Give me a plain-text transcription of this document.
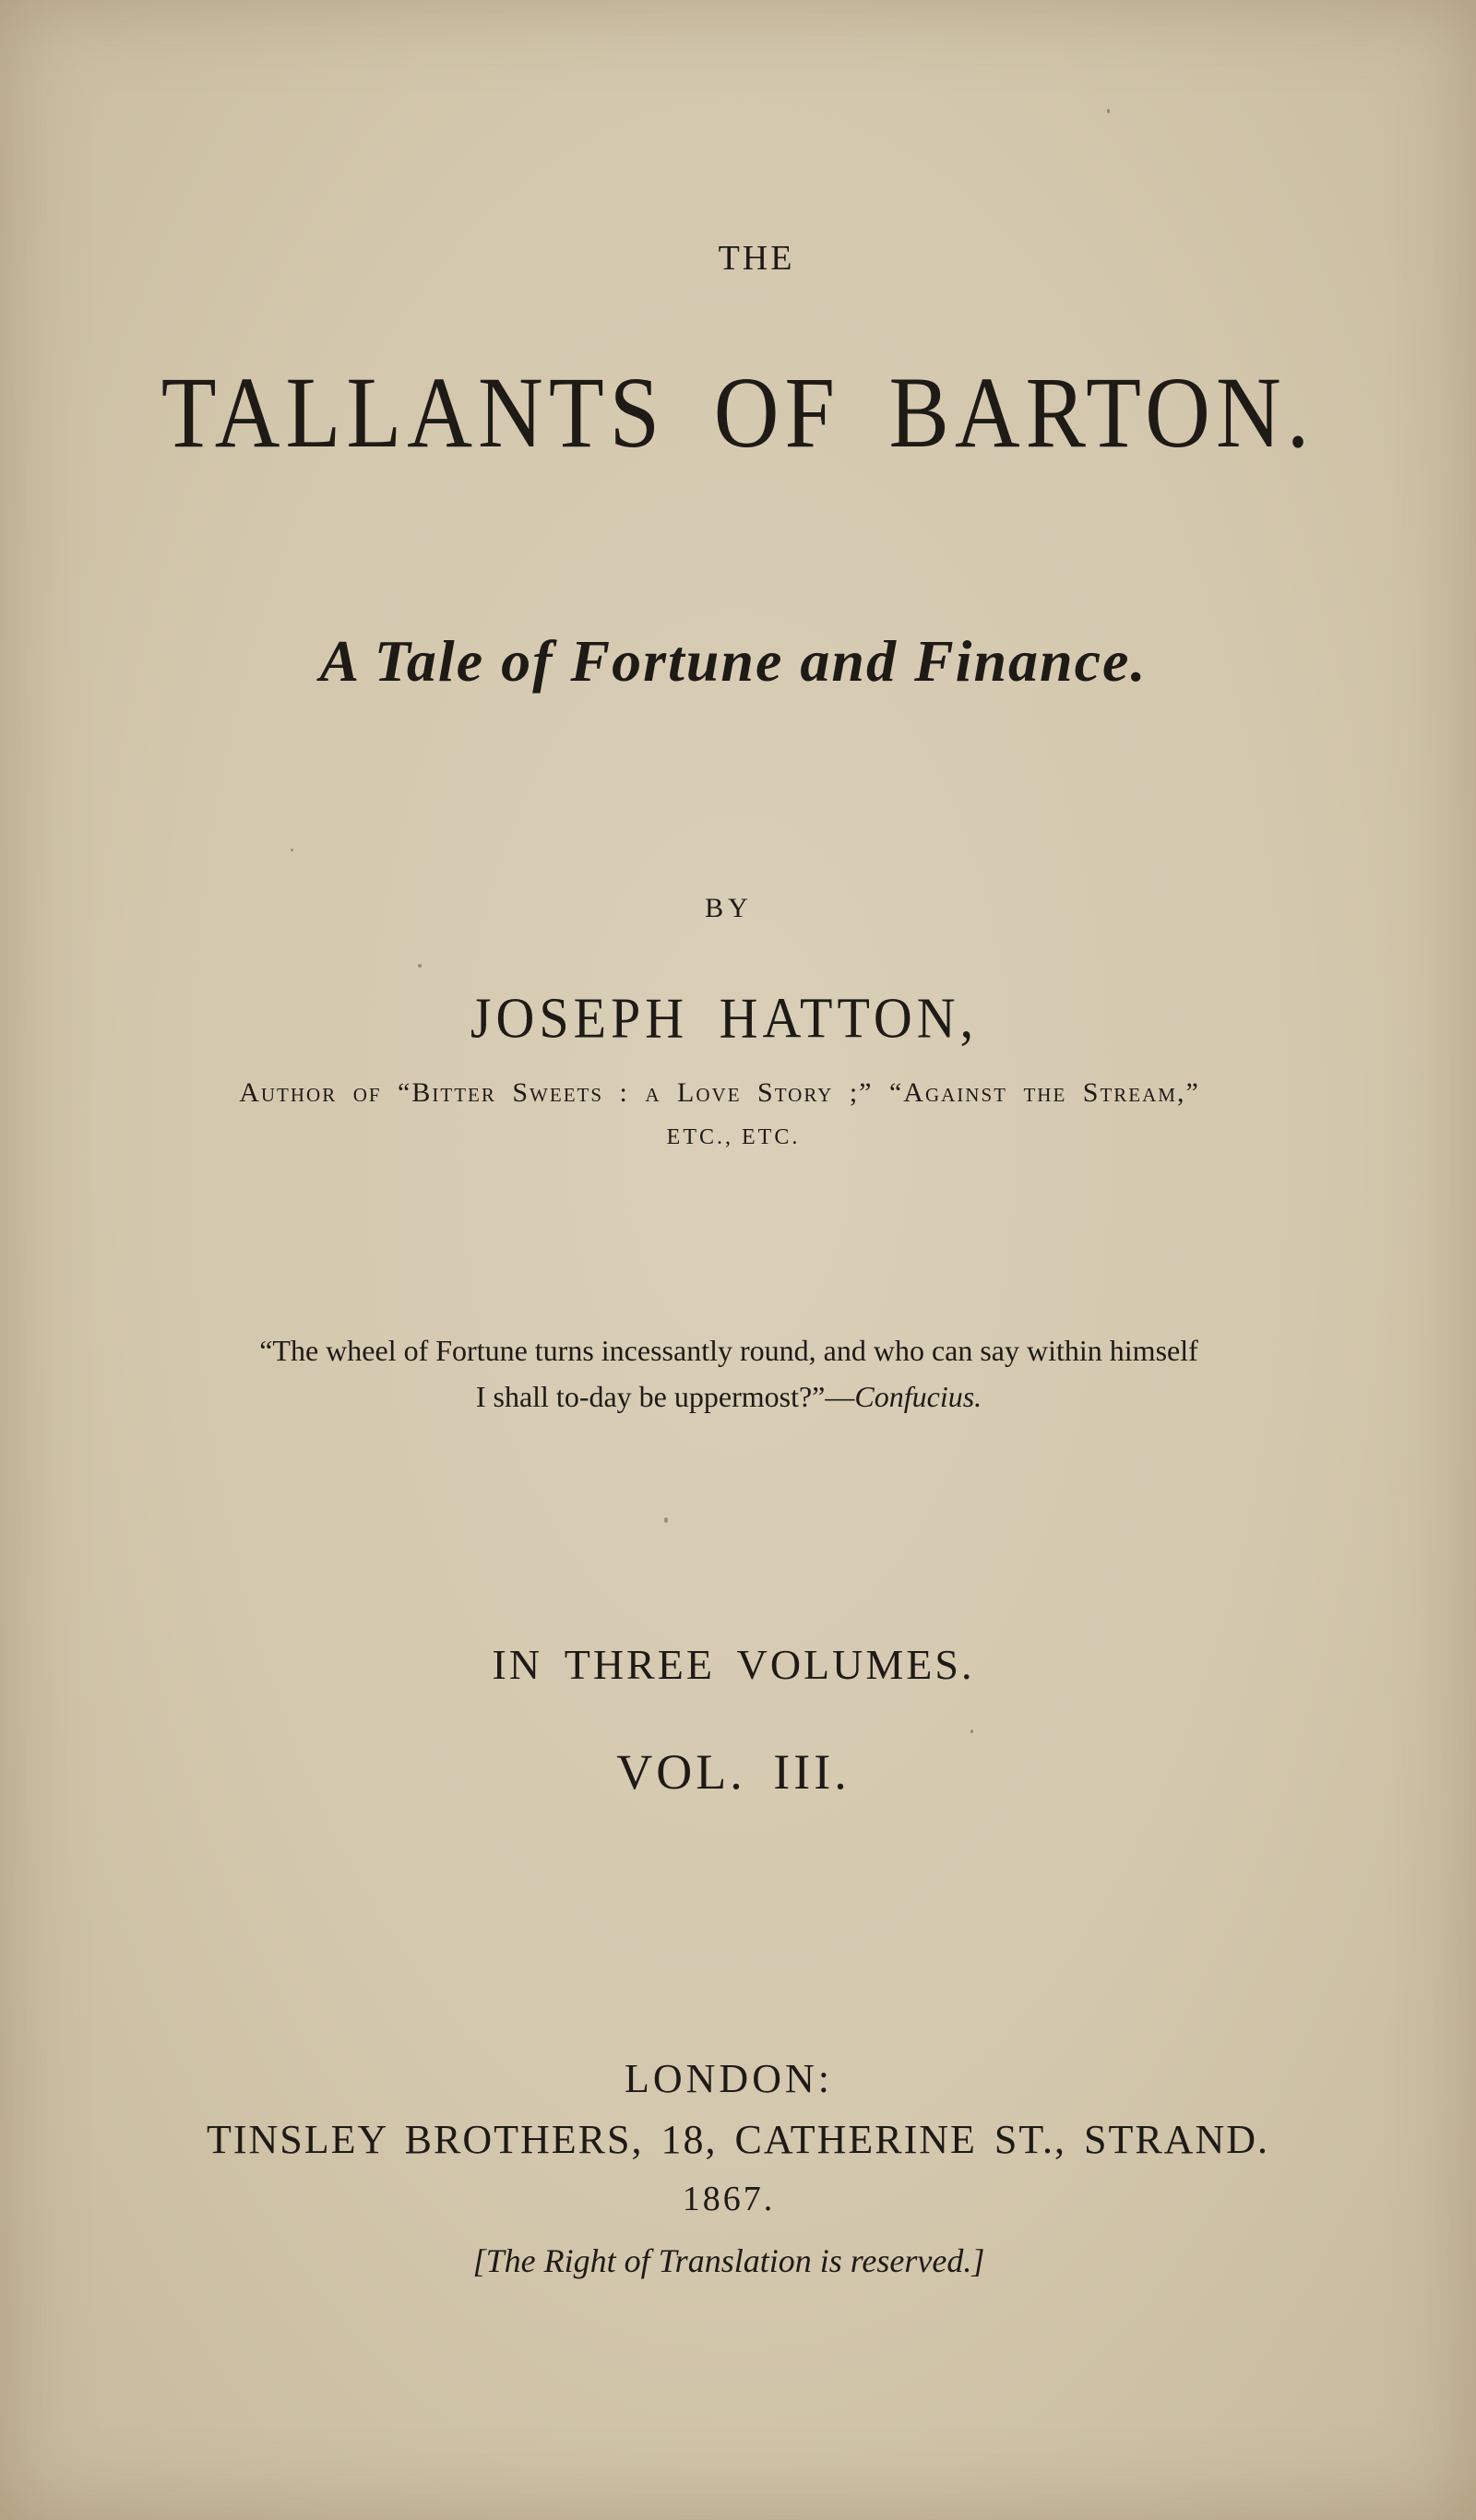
THE
TALLANTS OF BARTON.
A Tale of Fortune and Finance.
BY
JOSEPH HATTON,
Author of “Bitter Sweets : a Love Story ;” “Against the Stream,”
ETC., ETC.
“The wheel of Fortune turns incessantly round, and who can say within himself
I shall to-day be uppermost?”—Confucius.
IN THREE VOLUMES.
VOL. III.
LONDON:
TINSLEY BROTHERS, 18, CATHERINE ST., STRAND.
1867.
[The Right of Translation is reserved.]
